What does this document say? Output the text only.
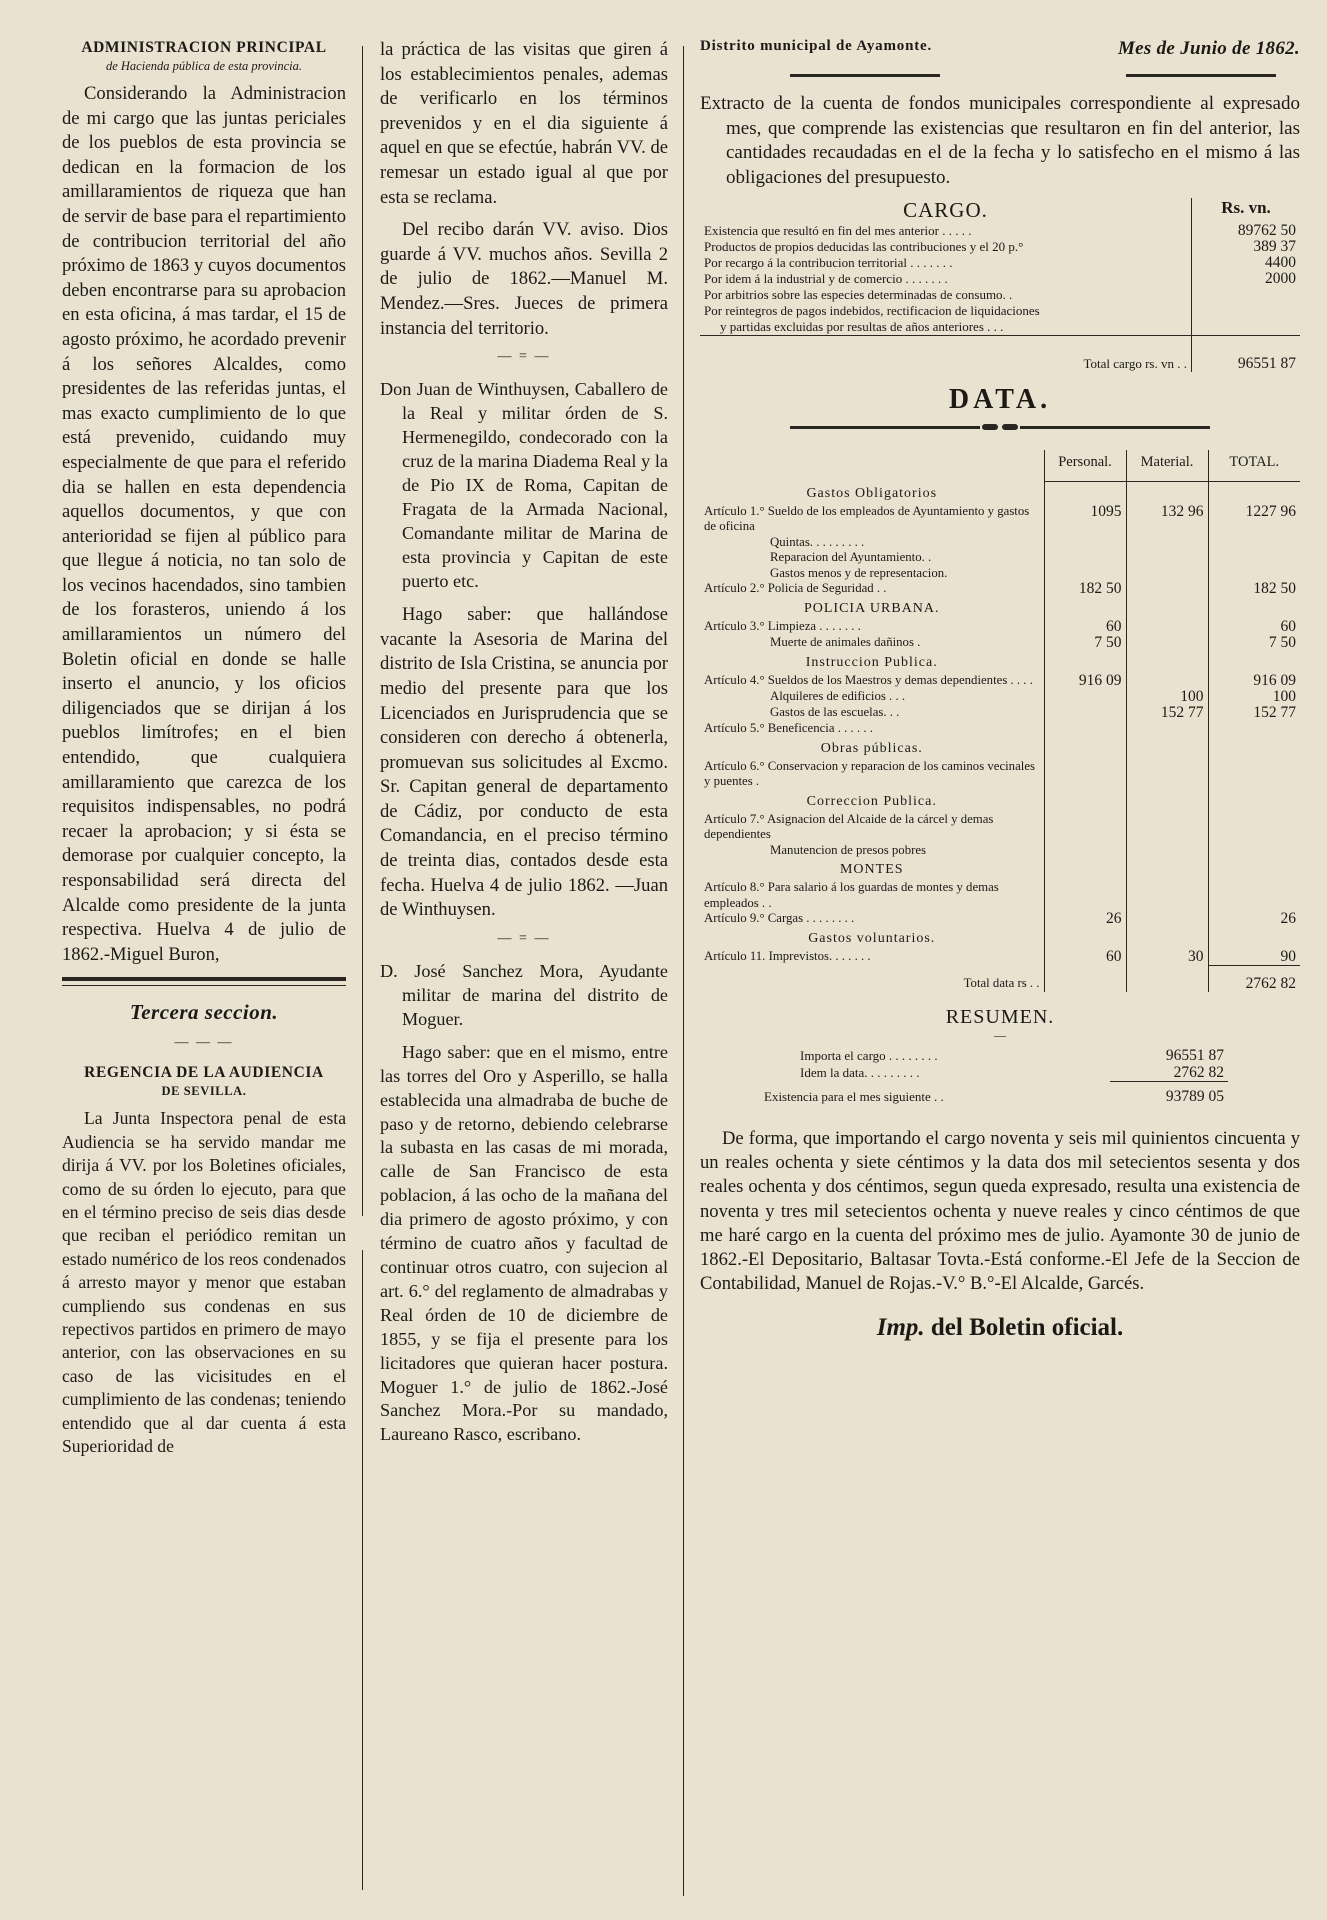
ADMINISTRACION PRINCIPAL

de Hacienda pública de esta provincia.

Considerando la Administracion de mi cargo que las juntas periciales de los pueblos de esta provincia se dedican en la formacion de los amillaramientos de riqueza que han de servir de base para el repartimiento de contribucion territorial del año próximo de 1863 y cuyos documentos deben encontrarse para su aprobacion en esta oficina, á mas tardar, el 15 de agosto próximo, he acordado prevenir á los señores Alcaldes, como presidentes de las referidas juntas, el mas exacto cumplimiento de lo que está prevenido, cuidando muy especialmente de que para el referido dia se hallen en esta dependencia aquellos documentos, y que con anterioridad se fijen al público para que llegue á noticia, no tan solo de los vecinos hacendados, sino tambien de los forasteros, uniendo á los amillaramientos un número del Boletin oficial en donde se halle inserto el anuncio, y los oficios diligenciados que se dirijan á los pueblos limítrofes; en el bien entendido, que cualquiera amillaramiento que carezca de los requisitos indispensables, no podrá recaer la aprobacion; y si ésta se demorase por cualquier concepto, la responsabilidad será directa del Alcalde como presidente de la junta respectiva. Huelva 4 de julio de 1862.-Miguel Buron,

Tercera seccion.

— — —

REGENCIA DE LA AUDIENCIA

DE SEVILLA.

La Junta Inspectora penal de esta Audiencia se ha servido mandar me dirija á VV. por los Boletines oficiales, como de su órden lo ejecuto, para que en el término preciso de seis dias desde que reciban el periódico remitan un estado numérico de los reos condenados á arresto mayor y menor que estaban cumpliendo sus condenas en sus repectivos partidos en primero de mayo anterior, con las observaciones en su caso de las vicisitudes en el cumplimiento de las condenas; teniendo entendido que al dar cuenta á esta Superioridad de

la práctica de las visitas que giren á los establecimientos penales, ademas de verificarlo en los términos prevenidos y en el dia siguiente á aquel en que se efectúe, habrán VV. de remesar un estado igual al que por esta se reclama.

Del recibo darán VV. aviso. Dios guarde á VV. muchos años. Sevilla 2 de julio de 1862.—Manuel M. Mendez.—Sres. Jueces de primera instancia del territorio.

— = —

Don Juan de Winthuysen, Caballero de la Real y militar órden de S. Hermenegildo, condecorado con la cruz de la marina Diadema Real y la de Pio IX de Roma, Capitan de Fragata de la Armada Nacional, Comandante militar de Marina de esta provincia y Capitan de este puerto etc.

Hago saber: que hallándose vacante la Asesoria de Marina del distrito de Isla Cristina, se anuncia por medio del presente para que los Licenciados en Jurisprudencia que se consideren con derecho á obtenerla, promuevan sus solicitudes al Excmo. Sr. Capitan general de departamento de Cádiz, por conducto de esta Comandancia, en el preciso término de treinta dias, contados desde esta fecha. Huelva 4 de julio 1862. —Juan de Winthuysen.

— = —

D. José Sanchez Mora, Ayudante militar de marina del distrito de Moguer.

Hago saber: que en el mismo, entre las torres del Oro y Asperillo, se halla establecida una almadraba de buche de paso y de retorno, debiendo celebrarse la subasta en las casas de mi morada, calle de San Francisco de esta poblacion, á las ocho de la mañana del dia primero de agosto próximo, y con término de cuatro años y facultad de continuar otros cuatro, con sujecion al art. 6.° del reglamento de almadrabas y Real órden de 10 de diciembre de 1855, y se fija el presente para los licitadores que quieran hacer postura. Moguer 1.° de julio de 1862.-José Sanchez Mora.-Por su mandado, Laureano Rasco, escribano.

Distrito municipal de Ayamonte.	Mes de Junio de 1862.

Extracto de la cuenta de fondos municipales correspondiente al expresado mes, que comprende las existencias que resultaron en fin del anterior, las cantidades recaudadas en el de la fecha y lo satisfecho en el mismo á las obligaciones del presupuesto.

CARGO.	Rs. vn.
Existencia que resultó en fin del mes anterior . . . . .	89762 50
Productos de propios deducidas las contribuciones y el 20 p.°	389 37
Por recargo á la contribucion territorial . . . . . . .	4400
Por idem á la industrial y de comercio . . . . . . .	2000
Por arbitrios sobre las especies determinadas de consumo. .	
Por reintegros de pagos indebidos, rectificacion de liquidaciones	
y partidas excluidas por resultas de años anteriores . . .	
Total cargo rs. vn . .	96551 87

DATA.

	Personal.	Material.	TOTAL.
Gastos Obligatorios			
Artículo 1.° Sueldo de los empleados de Ayuntamiento y gastos de oficina	1095	132 96	1227 96
Quintas. . . . . . . . .			
Reparacion del Ayuntamiento. .			
Gastos menos y de representacion.			
Artículo 2.° Policia de Seguridad . .	182 50		182 50
POLICIA URBANA.			
Artículo 3.° Limpieza . . . . . . .	60		60
Muerte de animales dañinos .	7 50		7 50
Instruccion Publica.			
Artículo 4.° Sueldos de los Maestros y demas dependientes . . . .	916 09		916 09
Alquileres de edificios . . .		100	100
Gastos de las escuelas. . .		152 77	152 77
Artículo 5.° Beneficencia . . . . . .			
Obras públicas.			
Artículo 6.° Conservacion y reparacion de los caminos vecinales y puentes .			
Correccion Publica.			
Artículo 7.° Asignacion del Alcaide de la cárcel y demas dependientes			
Manutencion de presos pobres			
MONTES			
Artículo 8.° Para salario á los guardas de montes y demas empleados . .			
Artículo 9.° Cargas . . . . . . . .	26		26
Gastos voluntarios.			
Artículo 11. Imprevistos. . . . . . .	60	30	90
Total data rs . .			2762 82

RESUMEN.

—
Importa el cargo . . . . . . . .	96551 87
Idem la data. . . . . . . . .	2762 82
Existencia para el mes siguiente . .	93789 05

De forma, que importando el cargo noventa y seis mil quinientos cincuenta y un reales ochenta y siete céntimos y la data dos mil setecientos sesenta y dos reales ochenta y dos céntimos, segun queda expresado, resulta una existencia de noventa y tres mil setecientos ochenta y nueve reales y cinco céntimos de que me haré cargo en la cuenta del próximo mes de julio. Ayamonte 30 de junio de 1862.-El Depositario, Baltasar Tovta.-Está conforme.-El Jefe de la Seccion de Contabilidad, Manuel de Rojas.-V.° B.°-El Alcalde, Garcés.

Imp. del Boletin oficial.
